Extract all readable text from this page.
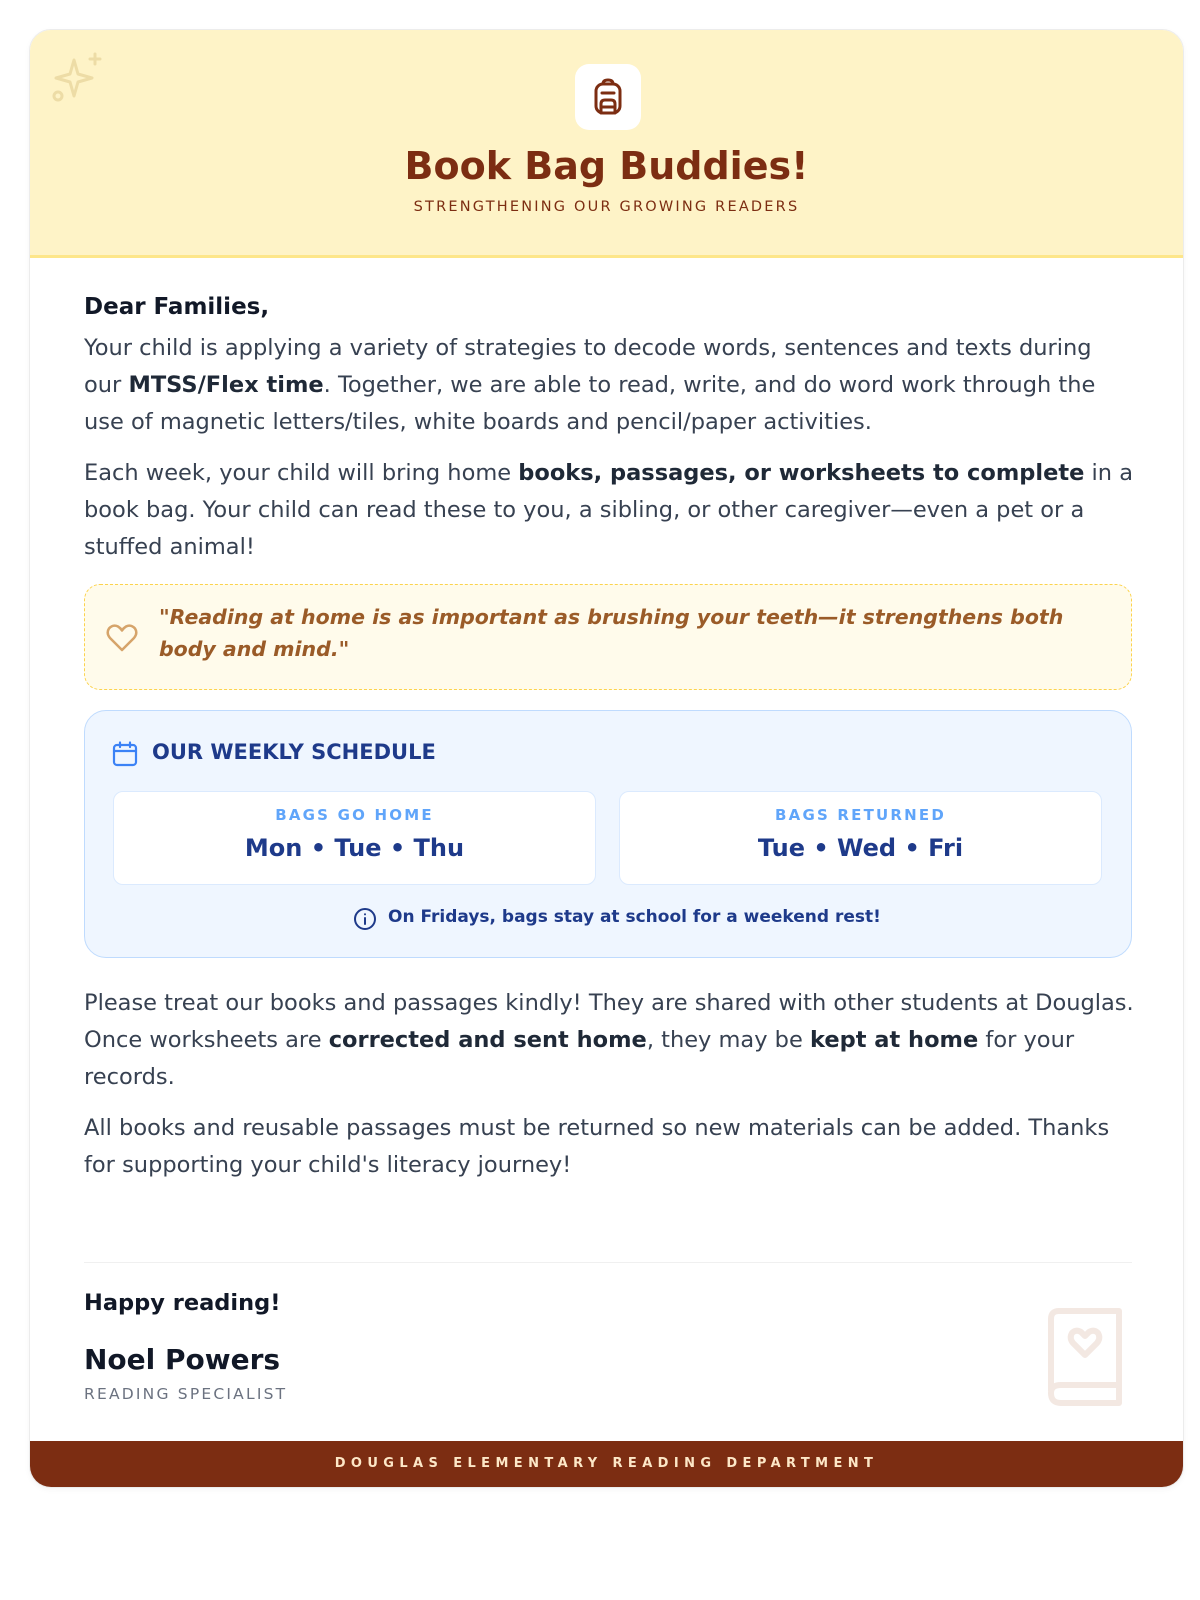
Book Bag Buddies!
STRENGTHENING OUR GROWING READERS
Dear Families,
Your child is applying a variety of strategies to decode words, sentences and texts during our MTSS/Flex time. Together, we are able to read, write, and do word work through the use of magnetic letters/tiles, white boards and pencil/paper activities.
Each week, your child will bring home books, passages, or worksheets to complete in a book bag. Your child can read these to you, a sibling, or other caregiver—even a pet or a stuffed animal!
"Reading at home is as important as brushing your teeth—it strengthens both body and mind."
OUR WEEKLY SCHEDULE
BAGS GO HOME
Mon • Tue • Thu
BAGS RETURNED
Tue • Wed • Fri
On Fridays, bags stay at school for a weekend rest!
Please treat our books and passages kindly! They are shared with other students at Douglas. Once worksheets are corrected and sent home, they may be kept at home for your records.
All books and reusable passages must be returned so new materials can be added. Thanks for supporting your child's literacy journey!
Happy reading!
Noel Powers
READING SPECIALIST
DOUGLAS ELEMENTARY READING DEPARTMENT
